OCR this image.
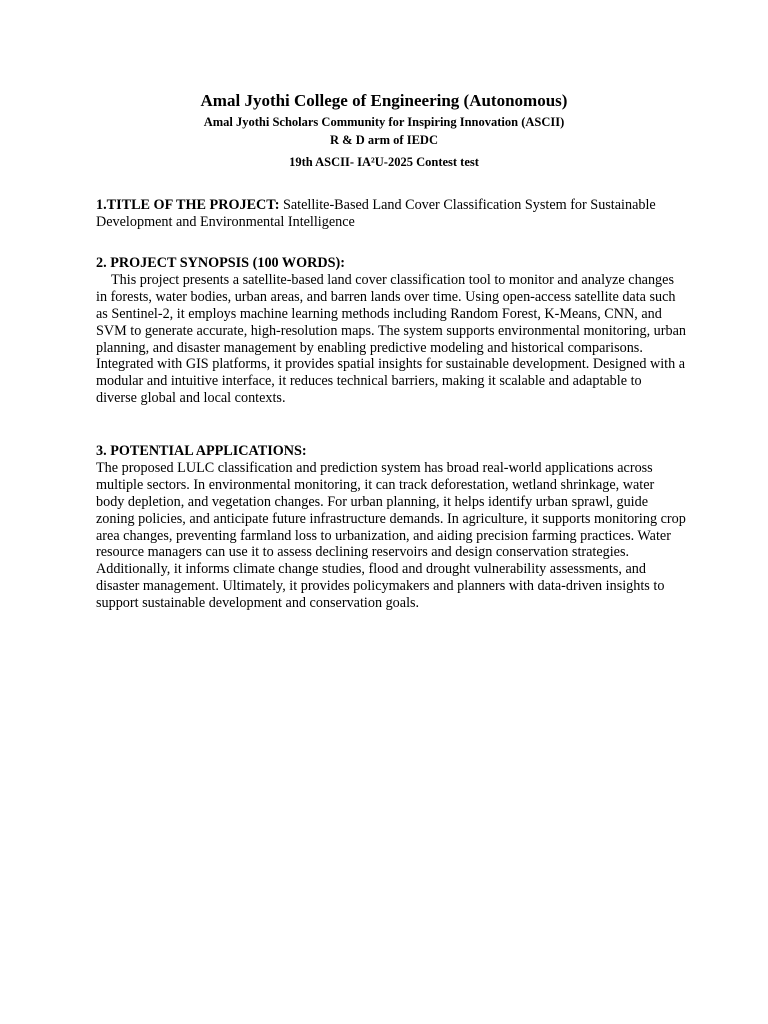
Amal Jyothi College of Engineering (Autonomous)

Amal Jyothi Scholars Community for Inspiring Innovation (ASCII)

R & D arm of IEDC

19th ASCII- IA²U-2025 Contest test

1.TITLE OF THE PROJECT: Satellite-Based Land Cover Classification System for Sustainable Development and Environmental Intelligence

2. PROJECT SYNOPSIS (100 WORDS):

This project presents a satellite-based land cover classification tool to monitor and analyze changes in forests, water bodies, urban areas, and barren lands over time. Using open-access satellite data such as Sentinel-2, it employs machine learning methods including Random Forest, K-Means, CNN, and SVM to generate accurate, high-resolution maps. The system supports environmental monitoring, urban planning, and disaster management by enabling predictive modeling and historical comparisons. Integrated with GIS platforms, it provides spatial insights for sustainable development. Designed with a modular and intuitive interface, it reduces technical barriers, making it scalable and adaptable to diverse global and local contexts.

3. POTENTIAL APPLICATIONS:

The proposed LULC classification and prediction system has broad real-world applications across multiple sectors. In environmental monitoring, it can track deforestation, wetland shrinkage, water body depletion, and vegetation changes. For urban planning, it helps identify urban sprawl, guide zoning policies, and anticipate future infrastructure demands. In agriculture, it supports monitoring crop area changes, preventing farmland loss to urbanization, and aiding precision farming practices. Water resource managers can use it to assess declining reservoirs and design conservation strategies. Additionally, it informs climate change studies, flood and drought vulnerability assessments, and disaster management. Ultimately, it provides policymakers and planners with data-driven insights to support sustainable development and conservation goals.
